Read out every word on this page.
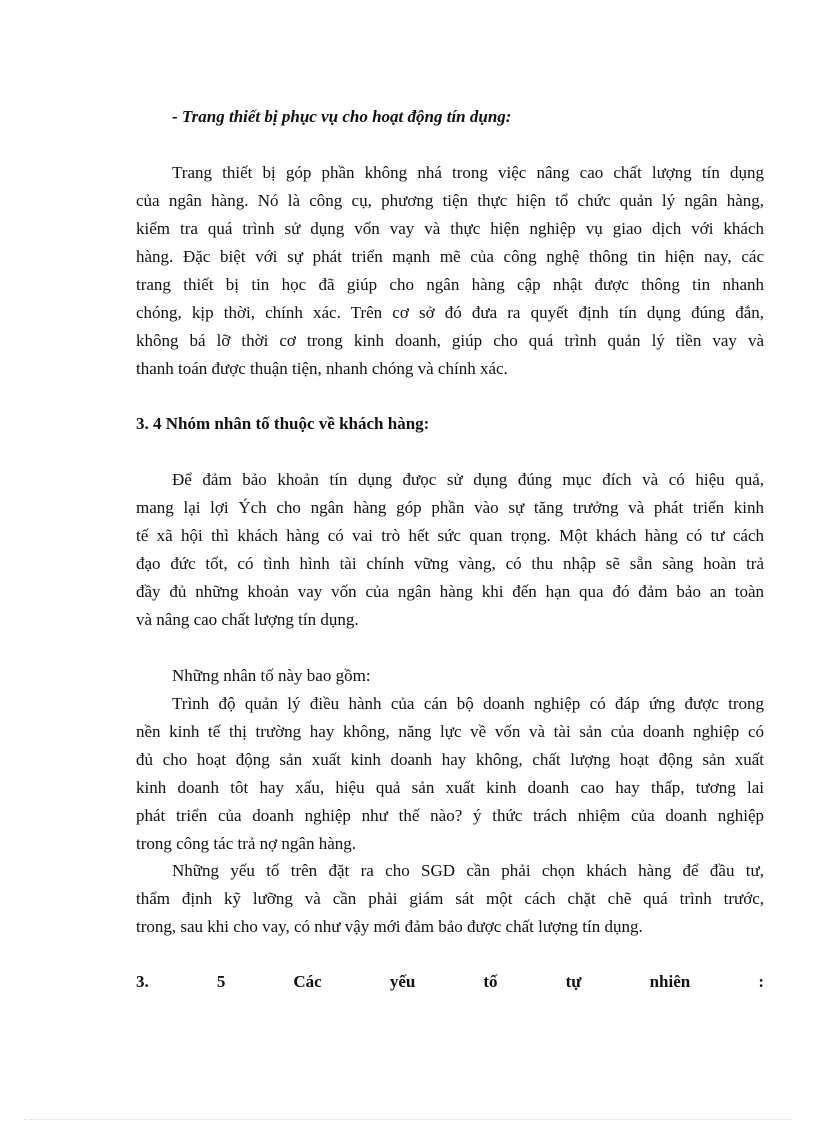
- Trang thiết bị phục vụ cho hoạt động tín dụng:
Trang thiết bị góp phần không nhá trong việc nâng cao chất lượng tín dụng
của ngân hàng. Nó là công cụ, phương tiện thực hiện tổ chức quản lý ngân hàng,
kiểm tra quá trình sử dụng vốn vay và thực hiện nghiệp vụ giao dịch với khách
hàng. Đặc biệt với sự phát triển mạnh mẽ của công nghệ thông tin hiện nay, các
trang thiết bị tin học đã giúp cho ngân hàng cập nhật được thông tin nhanh
chóng, kịp thời, chính xác. Trên cơ sở đó đưa ra quyết định tín dụng đúng đắn,
không bá lỡ thời cơ trong kinh doanh, giúp cho quá trình quản lý tiền vay và
thanh toán được thuận tiện, nhanh chóng và chính xác.
3. 4 Nhóm nhân tố thuộc về khách hàng:
Để đảm bảo khoản tín dụng đưọc sử dụng đúng mục đích và có hiệu quả,
mang lại lợi Ých cho ngân hàng góp phần vào sự tăng trưởng và phát triển kinh
tế xã hội thì khách hàng có vai trò hết sức quan trọng. Một khách hàng có tư cách
đạo đức tốt, có tình hình tài chính vững vàng, có thu nhập sẽ sẵn sàng hoàn trả
đầy đủ những khoản vay vốn của ngân hàng khi đến hạn qua đó đảm bảo an toàn
và nâng cao chất lượng tín dụng.
Những nhân tố này bao gồm:
Trình độ quản lý điều hành của cán bộ doanh nghiệp có đáp ứng được trong
nền kinh tế thị trường hay không, năng lực về vốn và tài sản của doanh nghiệp có
đủ cho hoạt động sản xuất kinh doanh hay không, chất lượng hoạt động sản xuất
kinh doanh tôt hay xấu, hiệu quả sản xuất kinh doanh cao hay thấp, tương lai
phát triển của doanh nghiệp như thế nào? ý thức trách nhiệm của doanh nghiệp
trong công tác trả nợ ngân hàng.
Những yếu tố trên đặt ra cho SGD cần phải chọn khách hàng để đầu tư,
thẩm định kỹ lưỡng và cần phải giám sát một cách chặt chẽ quá trình trước,
trong, sau khi cho vay, có như vậy mới đảm bảo được chất lượng tín dụng.
3.	5	Các	yếu	tố	tự	nhiên	:
